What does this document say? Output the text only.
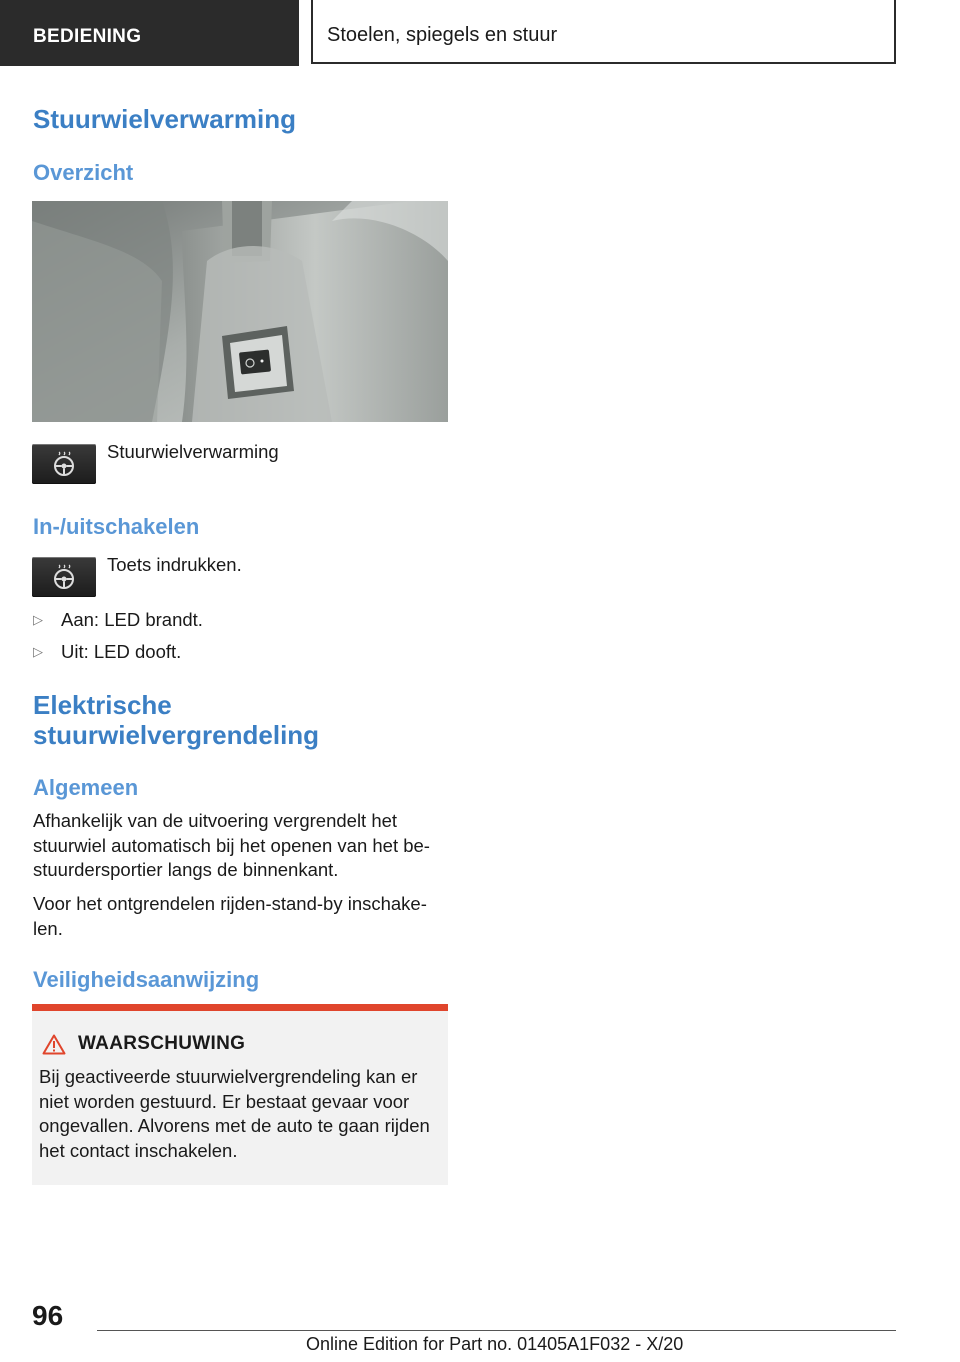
BEDIENING	Stoelen, spiegels en stuur
Stuurwielverwarming
Overzicht
Stuurwielverwarming
In-/uitschakelen
Toets indrukken.
▷ Aan: LED brandt.
▷ Uit: LED dooft.
Elektrische
stuurwielvergrendeling
Algemeen

Afhankelijk van de uitvoering vergrendelt het stuurwiel automatisch bij het openen van het be-stuurdersportier langs de binnenkant.

Voor het ontgrendelen rijden-stand-by inschake-len.

Veiligheidsaanwijzing
WAARSCHUWING

Bij geactiveerde stuurwielvergrendeling kan er niet worden gestuurd. Er bestaat gevaar voor ongevallen. Alvorens met de auto te gaan rijden het contact inschakelen.

96
Online Edition for Part no. 01405A1F032 - X/20
